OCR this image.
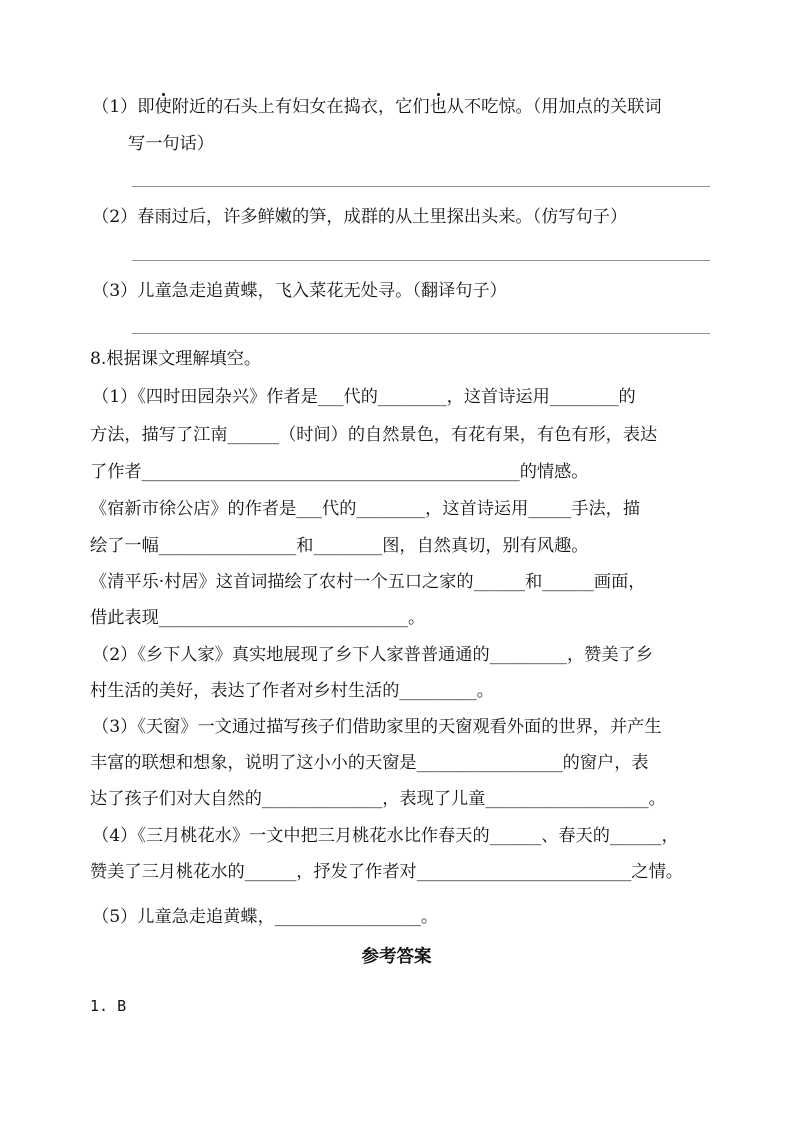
（1）即使附近的石头上有妇女在捣衣，它们也从不吃惊。（用加点的关联词
写一句话）
（2）春雨过后，许多鲜嫩的笋，成群的从土里探出头来。（仿写句子）
（3）儿童急走追黄蝶，飞入菜花无处寻。（翻译句子）
8.根据课文理解填空。
（1）《四时田园杂兴》作者是___代的________，这首诗运用________的
方法，描写了江南______（时间）的自然景色，有花有果，有色有形，表达
了作者____________________________________________的情感。
《宿新市徐公店》的作者是___代的________，这首诗运用_____手法，描
绘了一幅________________和________图，自然真切，别有风趣。
《清平乐·村居》这首词描绘了农村一个五口之家的______和______画面，
借此表现_____________________________。
（2）《乡下人家》真实地展现了乡下人家普普通通的_________，赞美了乡
村生活的美好，表达了作者对乡村生活的_________。
（3）《天窗》一文通过描写孩子们借助家里的天窗观看外面的世界，并产生
丰富的联想和想象，说明了这小小的天窗是_________________的窗户，表
达了孩子们对大自然的______________，表现了儿童___________________。
（4）《三月桃花水》一文中把三月桃花水比作春天的______、春天的______，
赞美了三月桃花水的______，抒发了作者对_________________________之情。
（5）儿童急走追黄蝶，_________________。
参考答案
1. B
